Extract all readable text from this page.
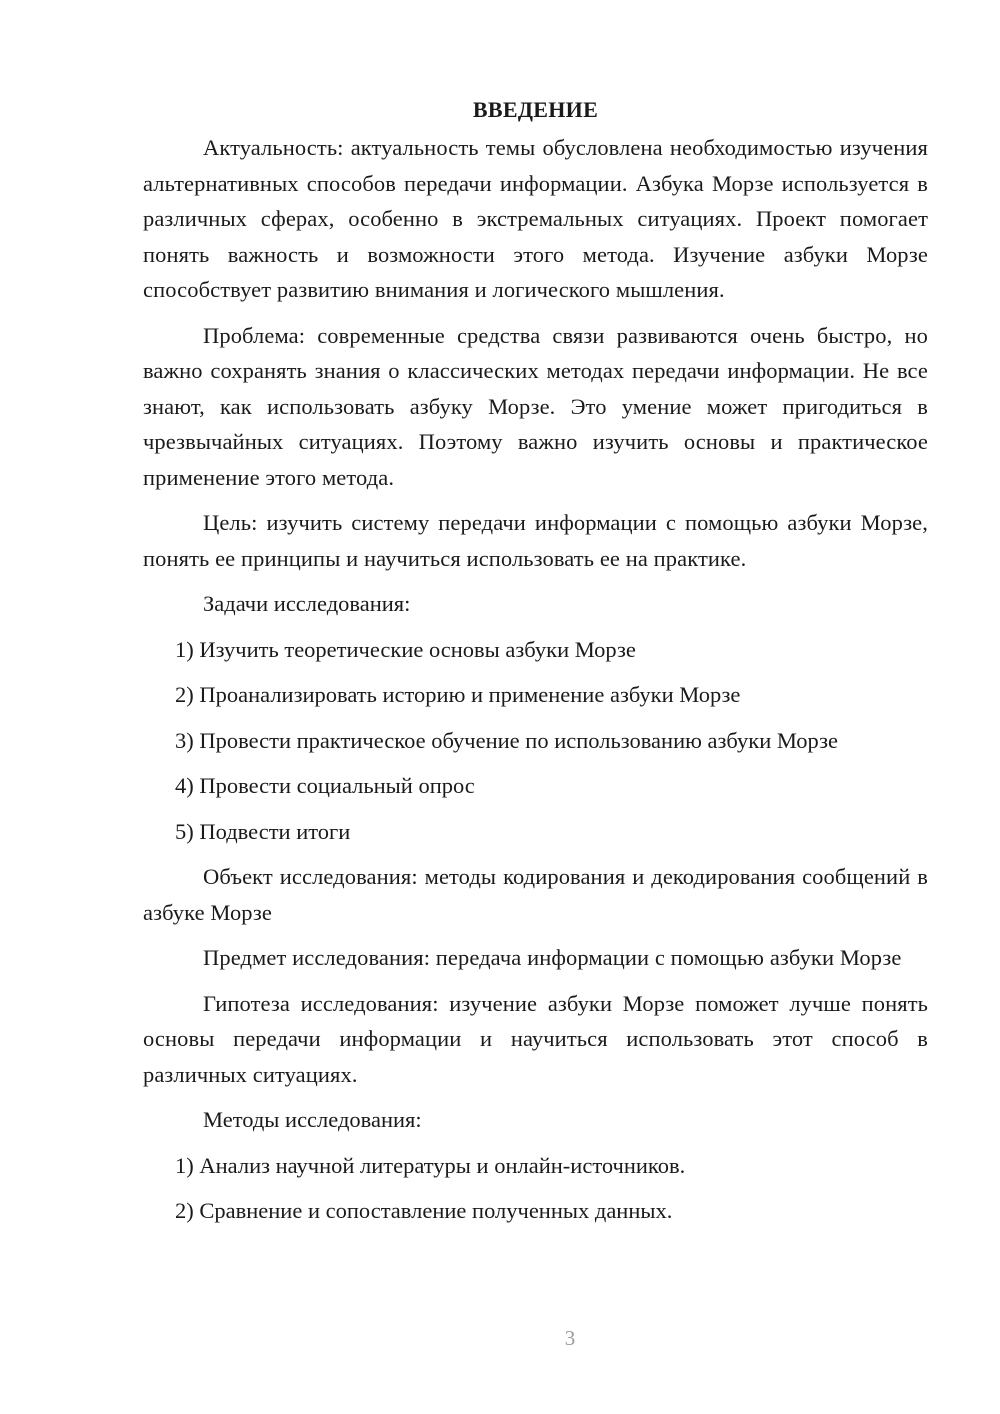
ВВЕДЕНИЕ

Актуальность: актуальность темы обусловлена необходимостью изучения альтернативных способов передачи информации. Азбука Морзе используется в различных сферах, особенно в экстремальных ситуациях. Проект помогает понять важность и возможности этого метода. Изучение азбуки Морзе способствует развитию внимания и логического мышления.

Проблема: современные средства связи развиваются очень быстро, но важно сохранять знания о классических методах передачи информации. Не все знают, как использовать азбуку Морзе. Это умение может пригодиться в чрезвычайных ситуациях. Поэтому важно изучить основы и практическое применение этого метода.

Цель: изучить систему передачи информации с помощью азбуки Морзе, понять ее принципы и научиться использовать ее на практике.

Задачи исследования:
1) Изучить теоретические основы азбуки Морзе
2) Проанализировать историю и применение азбуки Морзе
3) Провести практическое обучение по использованию азбуки Морзе
4) Провести социальный опрос
5) Подвести итоги

Объект исследования: методы кодирования и декодирования сообщений в азбуке Морзе

Предмет исследования: передача информации с помощью азбуки Морзе

Гипотеза исследования: изучение азбуки Морзе поможет лучше понять основы передачи информации и научиться использовать этот способ в различных ситуациях.

Методы исследования:
1) Анализ научной литературы и онлайн-источников.
2) Сравнение и сопоставление полученных данных.
3
